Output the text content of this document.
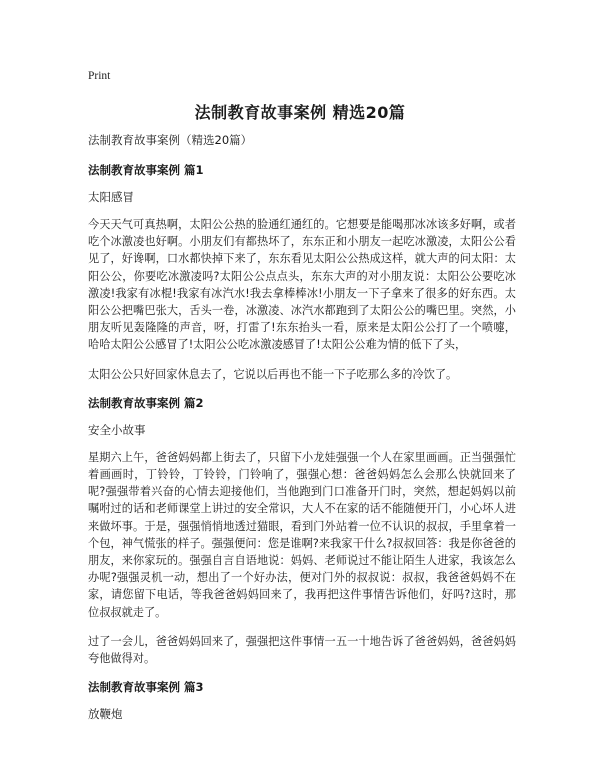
Print
法制教育故事案例 精选20篇

法制教育故事案例（精选20篇）

法制教育故事案例 篇1
太阳感冒

今天天气可真热啊，太阳公公热的脸通红通红的。它想要是能喝那冰冰该多好啊，或者吃个冰激凌也好啊。小朋友们有都热坏了，东东正和小朋友一起吃冰激凌，太阳公公看见了，好谗啊，口水都快掉下来了，东东看见太阳公公热成这样，就大声的问太阳：太阳公公，你要吃冰激凌吗?太阳公公点点头，东东大声的对小朋友说：太阳公公要吃冰激凌!我家有冰棍!我家有冰汽水!我去拿棒棒冰!小朋友一下子拿来了很多的好东西。太阳公公把嘴巴张大，舌头一卷，冰激凌、冰汽水都跑到了太阳公公的嘴巴里。突然，小朋友听见轰隆隆的声音，呀，打雷了!东东抬头一看，原来是太阳公公打了一个喷嚏，哈哈太阳公公感冒了!太阳公公吃冰激凌感冒了!太阳公公难为情的低下了头，

太阳公公只好回家休息去了，它说以后再也不能一下子吃那么多的冷饮了。

法制教育故事案例 篇2
安全小故事

星期六上午，爸爸妈妈都上街去了，只留下小龙娃强强一个人在家里画画。正当强强忙着画画时，丁铃铃，丁铃铃，门铃响了，强强心想：爸爸妈妈怎么会那么快就回来了呢?强强带着兴奋的心情去迎接他们，当他跑到门口准备开门时，突然，想起妈妈以前嘱咐过的话和老师课堂上讲过的安全常识，大人不在家的话不能随便开门，小心坏人进来做坏事。于是，强强悄悄地透过猫眼，看到门外站着一位不认识的叔叔，手里拿着一个包，神气慌张的样子。强强便问：您是谁啊?来我家干什么?叔叔回答：我是你爸爸的朋友，来你家玩的。强强自言自语地说：妈妈、老师说过不能让陌生人进家，我该怎么办呢?强强灵机一动，想出了一个好办法，便对门外的叔叔说：叔叔，我爸爸妈妈不在家，请您留下电话，等我爸爸妈妈回来了，我再把这件事情告诉他们，好吗?这时，那位叔叔就走了。

过了一会儿，爸爸妈妈回来了，强强把这件事情一五一十地告诉了爸爸妈妈，爸爸妈妈夸他做得对。

法制教育故事案例 篇3
放鞭炮
